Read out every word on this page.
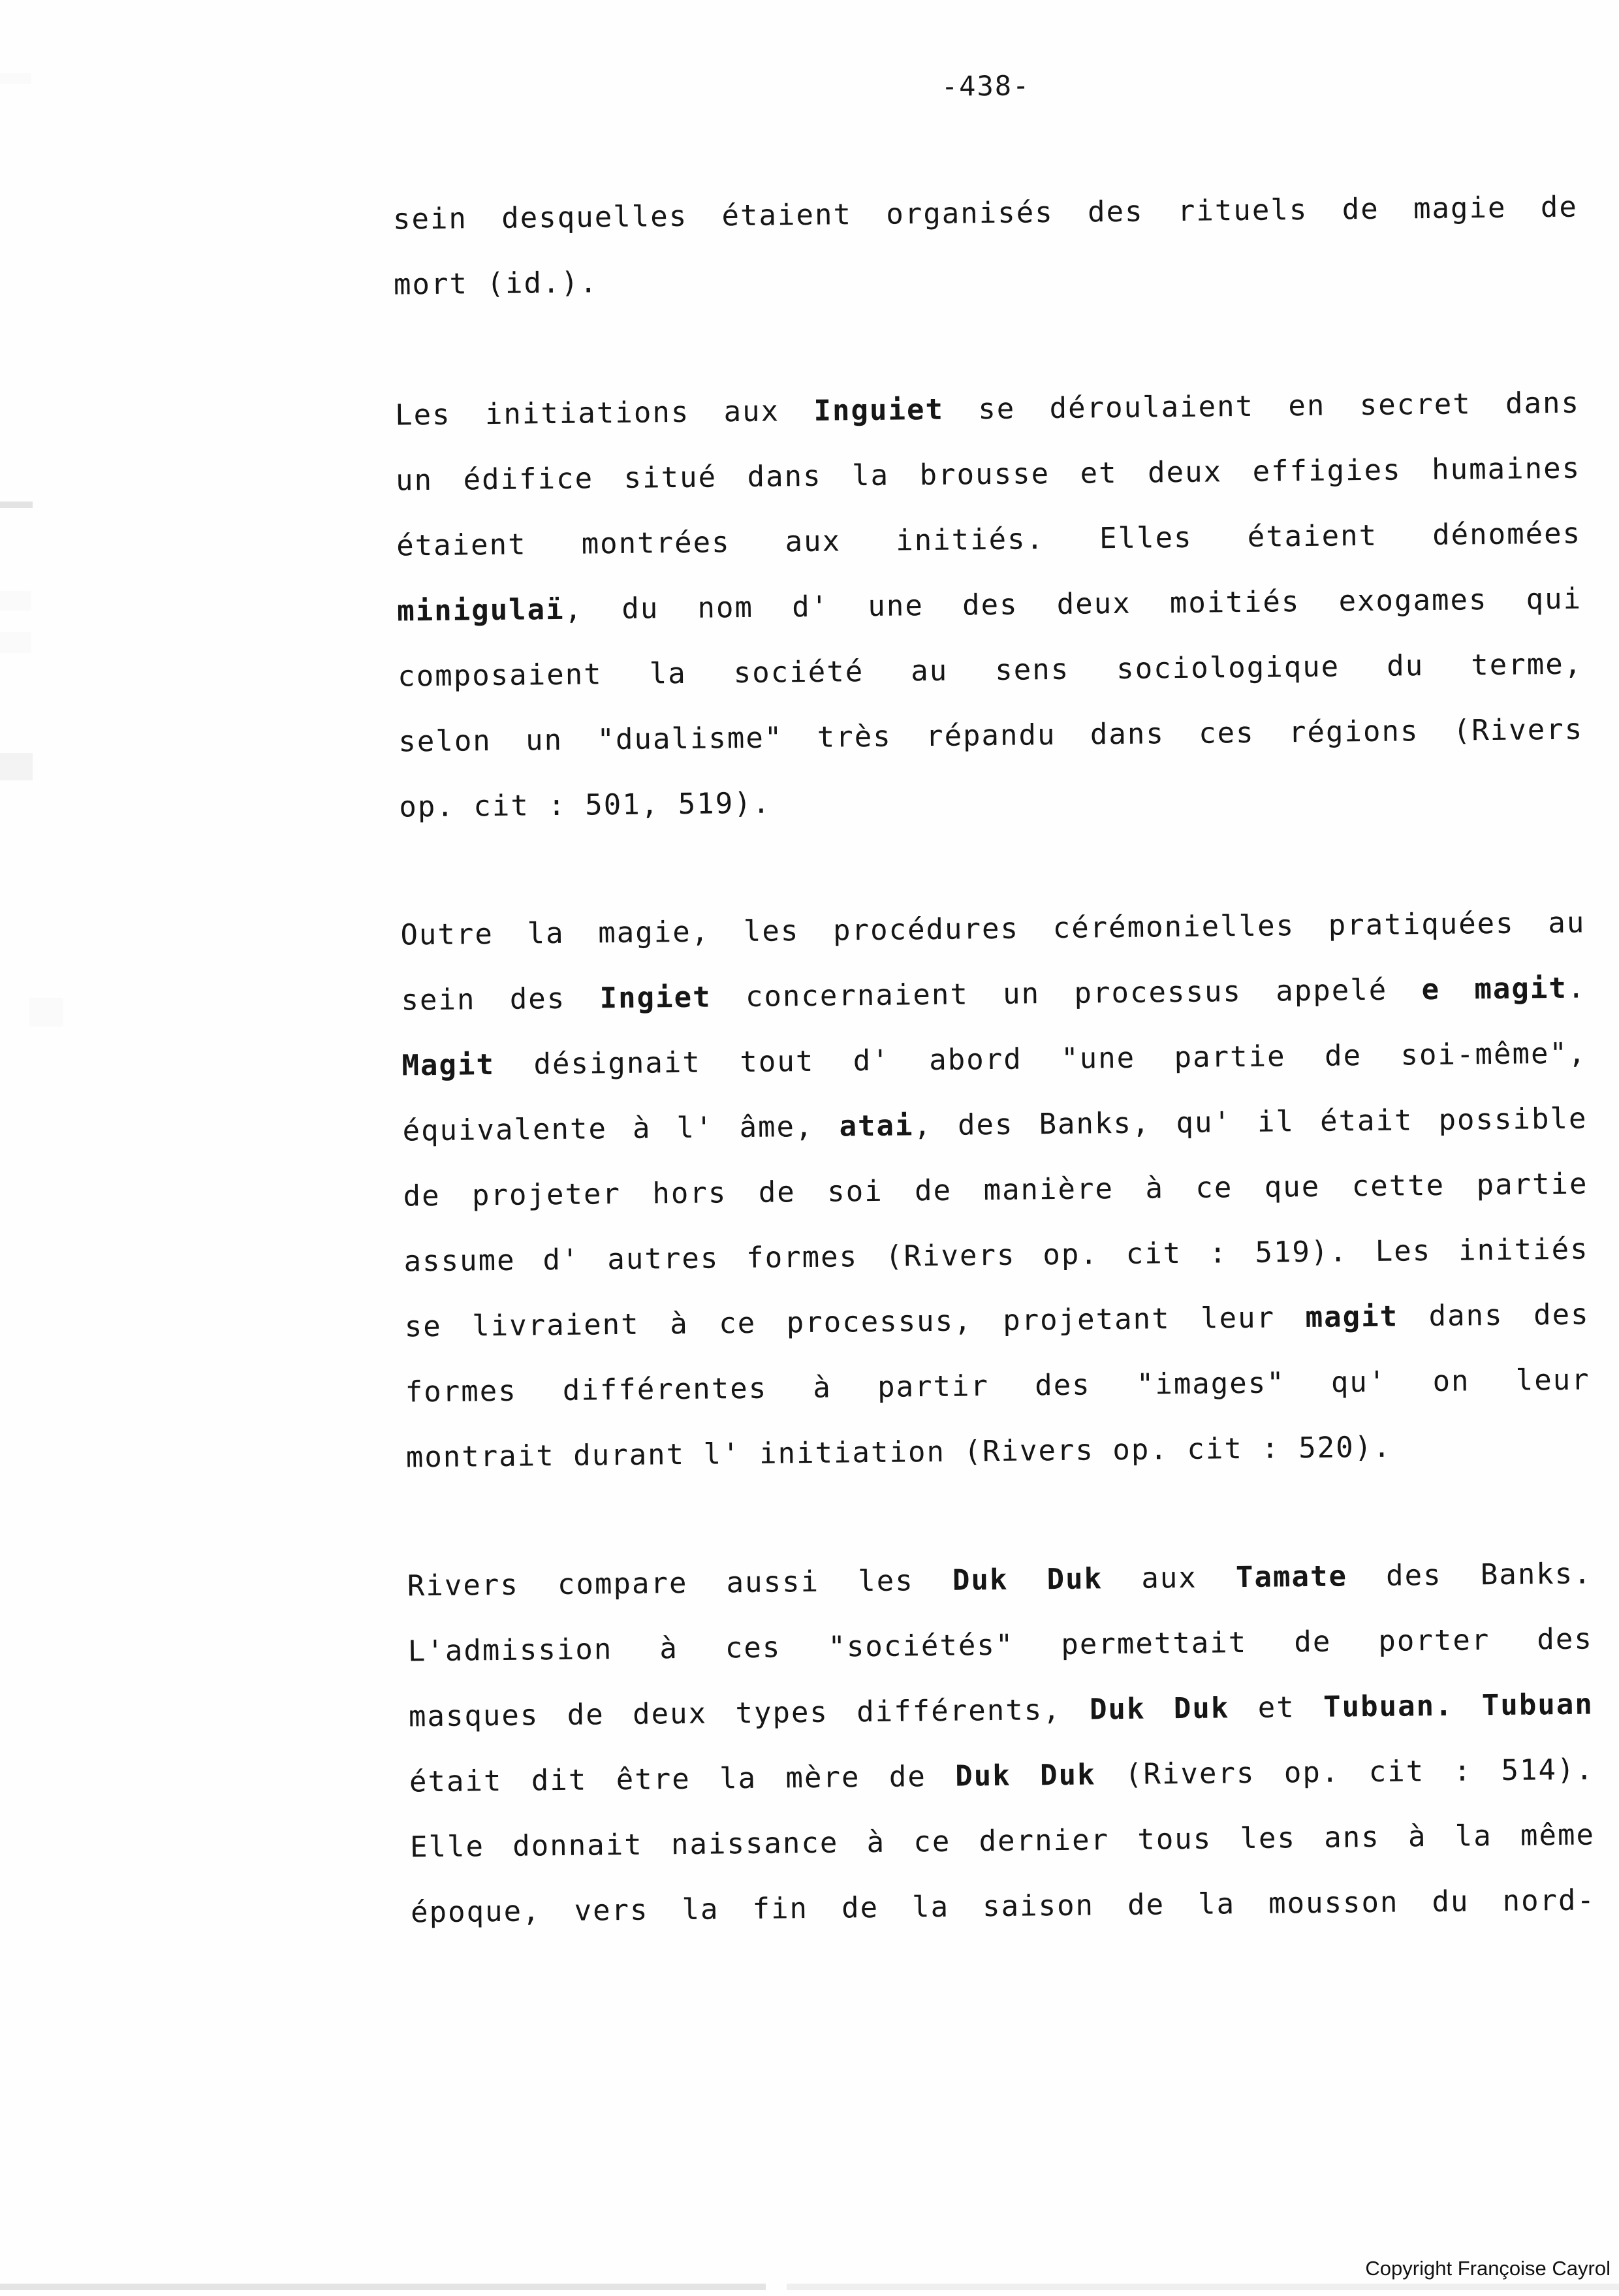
-438-
sein desquelles étaient organisés des rituels de magie de
mort (id.).
Les initiations aux Inguiet se déroulaient en secret dans
un édifice situé dans la brousse et deux effigies humaines
étaient montrées aux initiés. Elles étaient dénomées
minigulaï, du nom d' une des deux moitiés exogames qui
composaient la société au sens sociologique du terme,
selon un "dualisme" très répandu dans ces régions (Rivers
op. cit : 501, 519).
Outre la magie, les procédures cérémonielles pratiquées au
sein des Ingiet concernaient un processus appelé e magit.
Magit désignait tout d' abord "une partie de soi-même",
équivalente à l' âme, atai, des Banks, qu' il était possible
de projeter hors de soi de manière à ce que cette partie
assume d' autres formes (Rivers op. cit : 519). Les initiés
se livraient à ce processus, projetant leur magit dans des
formes différentes à partir des "images" qu' on leur
montrait durant l' initiation (Rivers op. cit : 520).
Rivers compare aussi les Duk Duk aux Tamate des Banks.
L'admission à ces "sociétés" permettait de porter des
masques de deux types différents, Duk Duk et Tubuan. Tubuan
était dit être la mère de Duk Duk (Rivers op. cit : 514).
Elle donnait naissance à ce dernier tous les ans à la même
époque, vers la fin de la saison de la mousson du nord-
Copyright Françoise Cayrol
